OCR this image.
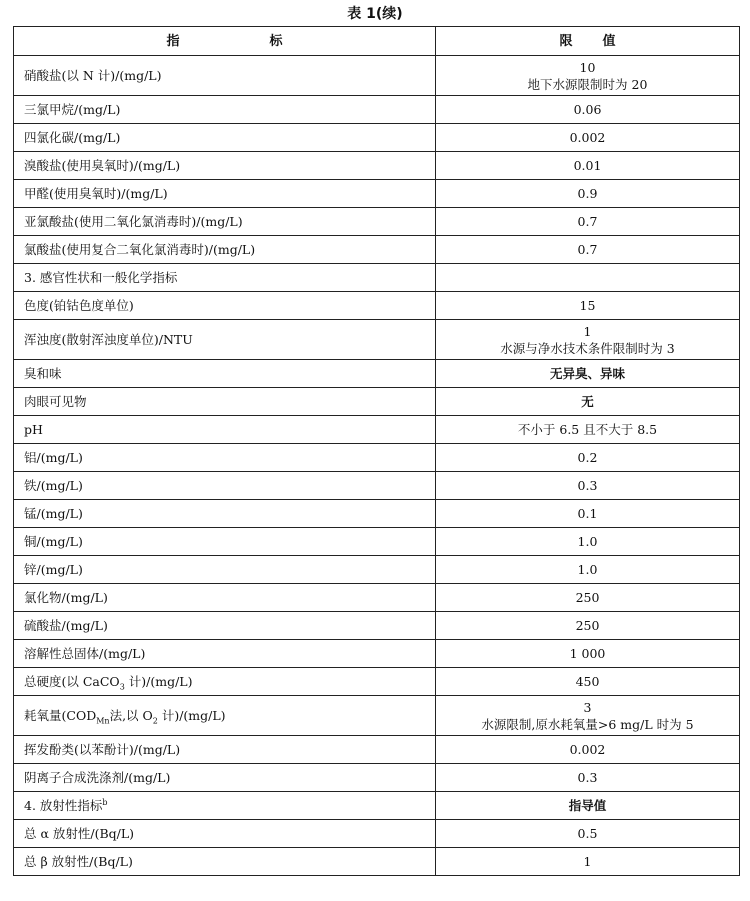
表 1(续)
指标	限值
硝酸盐(以 N 计)/(mg/L)	10
地下水源限制时为 20

三氯甲烷/(mg/L)	0.06
四氯化碳/(mg/L)	0.002
溴酸盐(使用臭氧时)/(mg/L)	0.01
甲醛(使用臭氧时)/(mg/L)	0.9
亚氯酸盐(使用二氧化氯消毒时)/(mg/L)	0.7
氯酸盐(使用复合二氧化氯消毒时)/(mg/L)	0.7
3. 感官性状和一般化学指标	
色度(铂钴色度单位)	15
浑浊度(散射浑浊度单位)/NTU	1
水源与净水技术条件限制时为 3

臭和味	无异臭、异味
肉眼可见物	无
pH	不小于 6.5 且不大于 8.5
铝/(mg/L)	0.2
铁/(mg/L)	0.3
锰/(mg/L)	0.1
铜/(mg/L)	1.0
锌/(mg/L)	1.0
氯化物/(mg/L)	250
硫酸盐/(mg/L)	250
溶解性总固体/(mg/L)	1 000
总硬度(以 CaCO$_3$ 计)/(mg/L)	450
耗氧量($COD_{Mn}$法,以 $O_2$ 计)/(mg/L)	3
水源限制,原水耗氧量>6 mg/L 时为 5

挥发酚类(以苯酚计)/(mg/L)	0.002
阴离子合成洗涤剂/(mg/L)	0.3
4. 放射性指标$^b$	指导值
总 α 放射性/(Bq/L)	0.5
总 β 放射性/(Bq/L)	1
